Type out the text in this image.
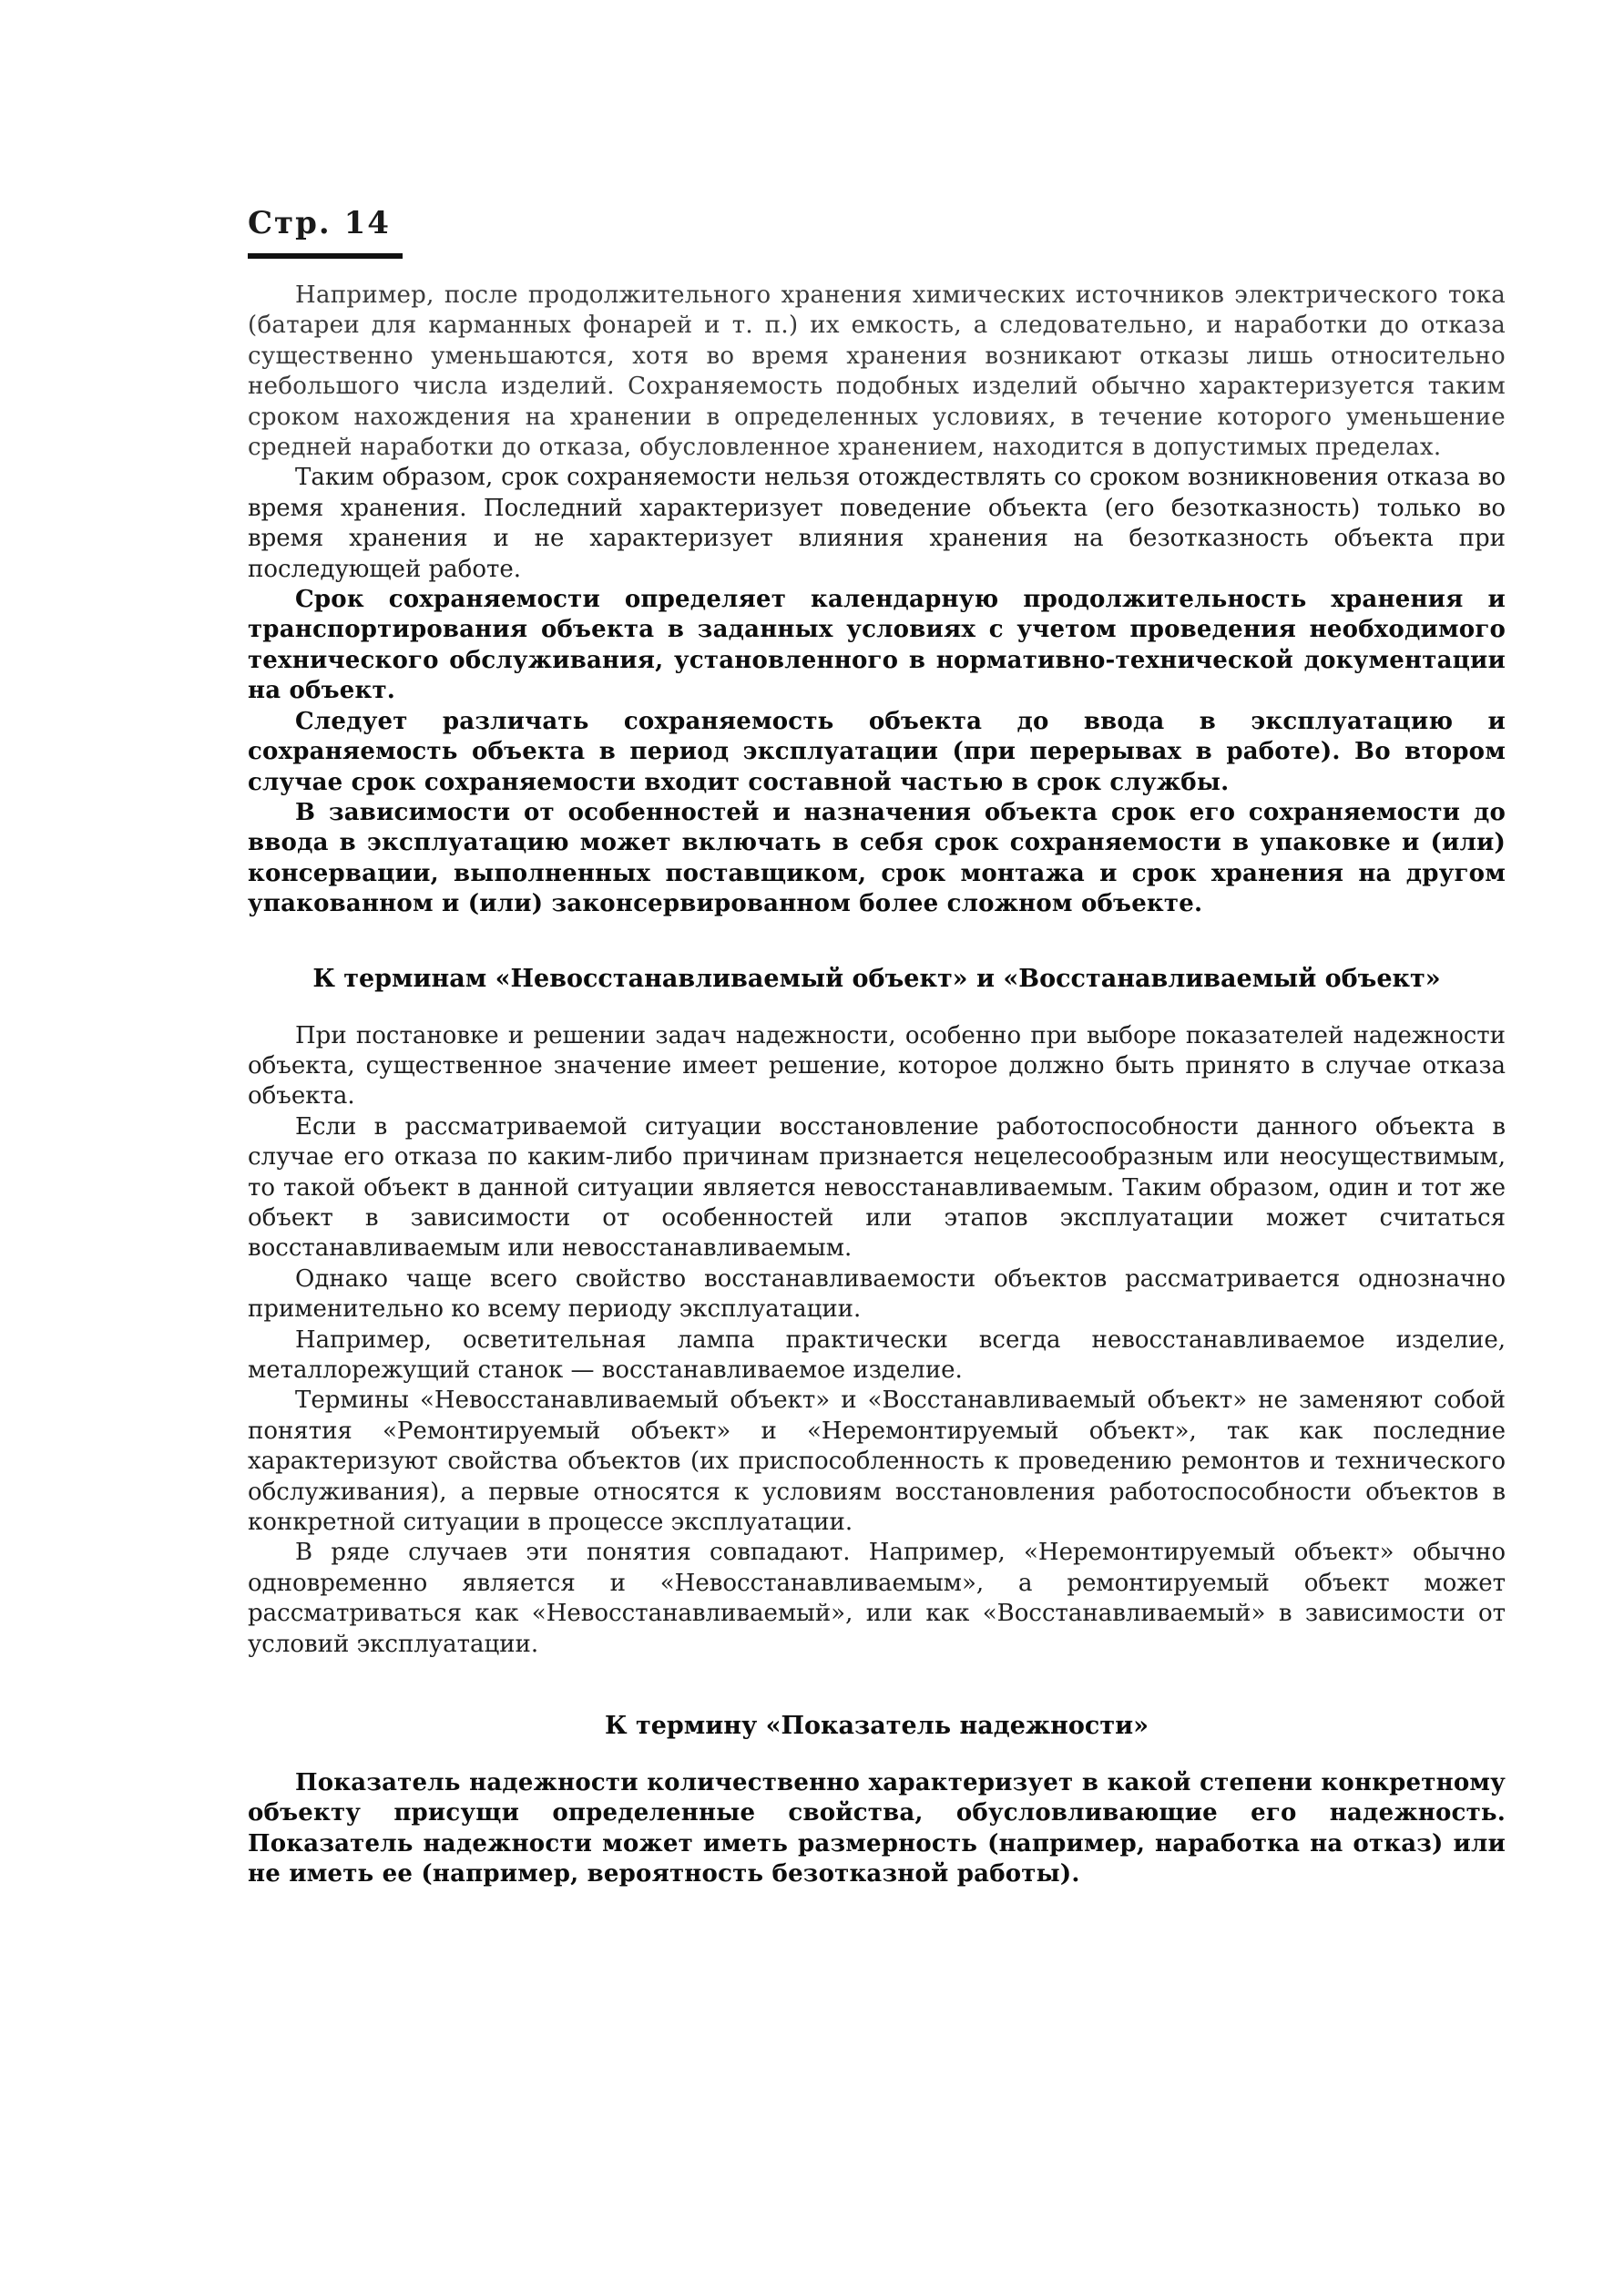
Стр. 14

Например, после продолжительного хранения химических источников электрического тока (батареи для карманных фонарей и т. п.) их емкость, а следовательно, и наработки до отказа существенно уменьшаются, хотя во время хранения возникают отказы лишь относительно небольшого числа изделий. Сохраняемость подобных изделий обычно характеризуется таким сроком нахождения на хранении в определенных условиях, в течение которого уменьшение средней наработки до отказа, обусловленное хранением, находится в допустимых пределах.

Таким образом, срок сохраняемости нельзя отождествлять со сроком возникновения отказа во время хранения. Последний характеризует поведение объекта (его безотказность) только во время хранения и не характеризует влияния хранения на безотказность объекта при последующей работе.

Срок сохраняемости определяет календарную продолжительность хранения и транспортирования объекта в заданных условиях с учетом проведения необходимого технического обслуживания, установленного в нормативно-технической документации на объект.

Следует различать сохраняемость объекта до ввода в эксплуатацию и сохраняемость объекта в период эксплуатации (при перерывах в работе). Во втором случае срок сохраняемости входит составной частью в срок службы.

В зависимости от особенностей и назначения объекта срок его сохраняемости до ввода в эксплуатацию может включать в себя срок сохраняемости в упаковке и (или) консервации, выполненных поставщиком, срок монтажа и срок хранения на другом упакованном и (или) законсервированном более сложном объекте.

К терминам «Невосстанавливаемый объект» и «Восстанавливаемый объект»

При постановке и решении задач надежности, особенно при выборе показателей надежности объекта, существенное значение имеет решение, которое должно быть принято в случае отказа объекта.

Если в рассматриваемой ситуации восстановление работоспособности данного объекта в случае его отказа по каким-либо причинам признается нецелесообразным или неосуществимым, то такой объект в данной ситуации является невосстанавливаемым. Таким образом, один и тот же объект в зависимости от особенностей или этапов эксплуатации может считаться восстанавливаемым или невосстанавливаемым.

Однако чаще всего свойство восстанавливаемости объектов рассматривается однозначно применительно ко всему периоду эксплуатации.

Например, осветительная лампа практически всегда невосстанавливаемое изделие, металлорежущий станок — восстанавливаемое изделие.

Термины «Невосстанавливаемый объект» и «Восстанавливаемый объект» не заменяют собой понятия «Ремонтируемый объект» и «Неремонтируемый объект», так как последние характеризуют свойства объектов (их приспособленность к проведению ремонтов и технического обслуживания), а первые относятся к условиям восстановления работоспособности объектов в конкретной ситуации в процессе эксплуатации.

В ряде случаев эти понятия совпадают. Например, «Неремонтируемый объект» обычно одновременно является и «Невосстанавливаемым», а ремонтируемый объект может рассматриваться как «Невосстанавливаемый», или как «Восстанавливаемый» в зависимости от условий эксплуатации.

К термину «Показатель надежности»

Показатель надежности количественно характеризует в какой степени конкретному объекту присущи определенные свойства, обусловливающие его надежность. Показатель надежности может иметь размерность (например, наработка на отказ) или не иметь ее (например, вероятность безотказной работы).
